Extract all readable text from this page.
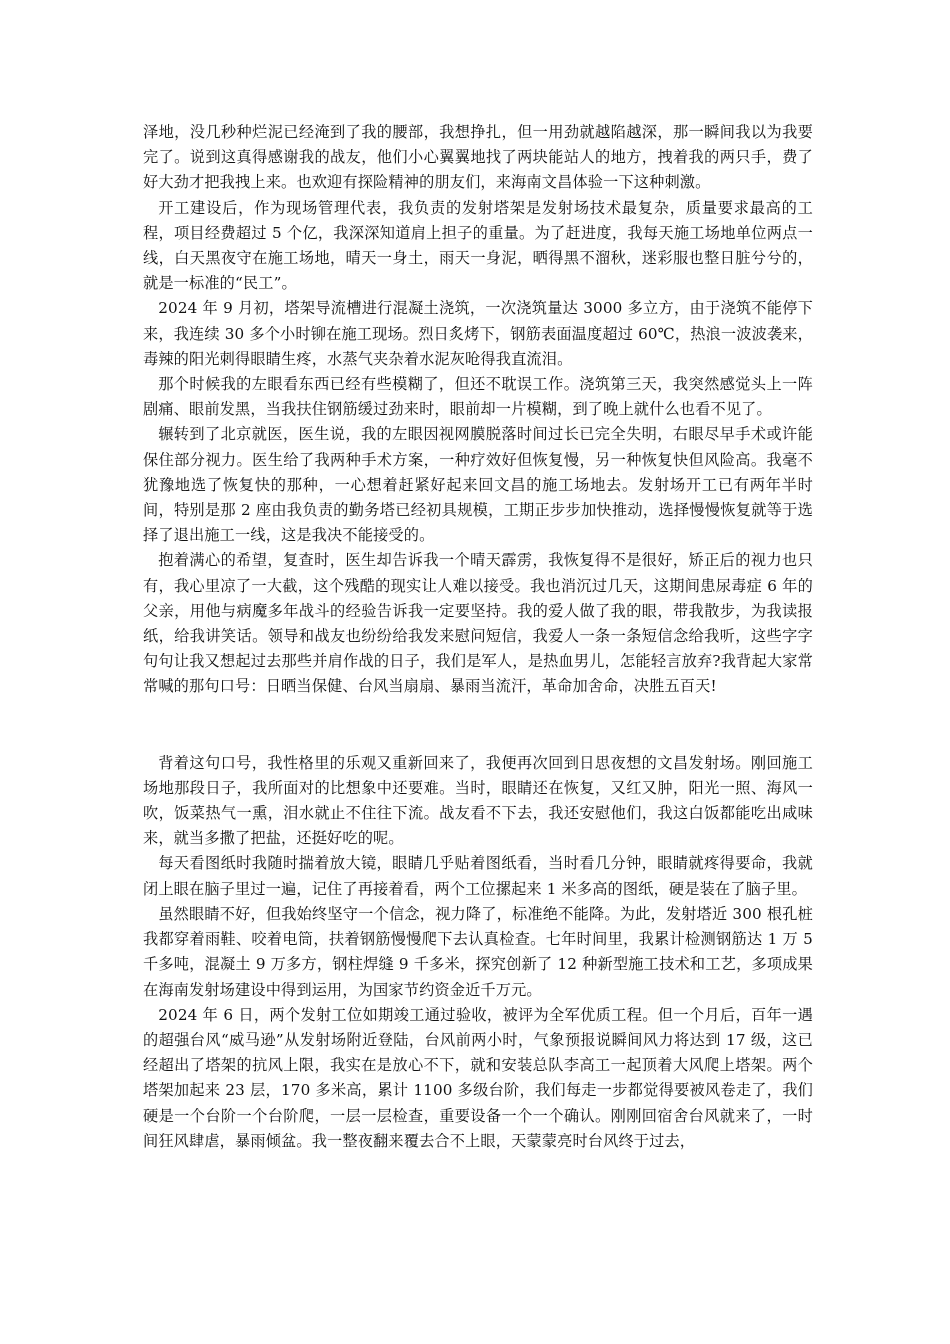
泽地，没几秒种烂泥已经淹到了我的腰部，我想挣扎，但一用劲就越陷越深，那一瞬间我以为我要完了。说到这真得感谢我的战友，他们小心翼翼地找了两块能站人的地方，拽着我的两只手，费了好大劲才把我拽上来。也欢迎有探险精神的朋友们，来海南文昌体验一下这种刺激。

开工建设后，作为现场管理代表，我负责的发射塔架是发射场技术最复杂，质量要求最高的工程，项目经费超过 5 个亿，我深深知道肩上担子的重量。为了赶进度，我每天施工场地单位两点一线，白天黑夜守在施工场地，晴天一身土，雨天一身泥，晒得黑不溜秋，迷彩服也整日脏兮兮的，就是一标准的“民工”。

2024 年 9 月初，塔架导流槽进行混凝土浇筑，一次浇筑量达 3000 多立方，由于浇筑不能停下来，我连续 30 多个小时铆在施工现场。烈日炙烤下，钢筋表面温度超过 60℃，热浪一波波袭来，毒辣的阳光刺得眼睛生疼，水蒸气夹杂着水泥灰呛得我直流泪。

那个时候我的左眼看东西已经有些模糊了，但还不耽误工作。浇筑第三天，我突然感觉头上一阵剧痛、眼前发黑，当我扶住钢筋缓过劲来时，眼前却一片模糊，到了晚上就什么也看不见了。

辗转到了北京就医，医生说，我的左眼因视网膜脱落时间过长已完全失明，右眼尽早手术或许能保住部分视力。医生给了我两种手术方案，一种疗效好但恢复慢，另一种恢复快但风险高。我毫不犹豫地选了恢复快的那种，一心想着赶紧好起来回文昌的施工场地去。发射场开工已有两年半时间，特别是那 2 座由我负责的勤务塔已经初具规模，工期正步步加快推动，选择慢慢恢复就等于选择了退出施工一线，这是我决不能接受的。

抱着满心的希望，复查时，医生却告诉我一个晴天霹雳，我恢复得不是很好，矫正后的视力也只有，我心里凉了一大截，这个残酷的现实让人难以接受。我也消沉过几天，这期间患尿毒症 6 年的父亲，用他与病魔多年战斗的经验告诉我一定要坚持。我的爱人做了我的眼，带我散步，为我读报纸，给我讲笑话。领导和战友也纷纷给我发来慰问短信，我爱人一条一条短信念给我听，这些字字句句让我又想起过去那些并肩作战的日子，我们是军人，是热血男儿，怎能轻言放弃?我背起大家常常喊的那句口号：日晒当保健、台风当扇扇、暴雨当流汗，革命加舍命，决胜五百天!

背着这句口号，我性格里的乐观又重新回来了，我便再次回到日思夜想的文昌发射场。刚回施工场地那段日子，我所面对的比想象中还要难。当时，眼睛还在恢复，又红又肿，阳光一照、海风一吹，饭菜热气一熏，泪水就止不住往下流。战友看不下去，我还安慰他们，我这白饭都能吃出咸味来，就当多撒了把盐，还挺好吃的呢。

每天看图纸时我随时揣着放大镜，眼睛几乎贴着图纸看，当时看几分钟，眼睛就疼得要命，我就闭上眼在脑子里过一遍，记住了再接着看，两个工位摞起来 1 米多高的图纸，硬是装在了脑子里。

虽然眼睛不好，但我始终坚守一个信念，视力降了，标准绝不能降。为此，发射塔近 300 根孔桩我都穿着雨鞋、咬着电筒，扶着钢筋慢慢爬下去认真检查。七年时间里，我累计检测钢筋达 1 万 5 千多吨，混凝土 9 万多方，钢柱焊缝 9 千多米，探究创新了 12 种新型施工技术和工艺，多项成果在海南发射场建设中得到运用，为国家节约资金近千万元。

2024 年 6 日，两个发射工位如期竣工通过验收，被评为全军优质工程。但一个月后，百年一遇的超强台风“威马逊”从发射场附近登陆，台风前两小时，气象预报说瞬间风力将达到 17 级，这已经超出了塔架的抗风上限，我实在是放心不下，就和安装总队李高工一起顶着大风爬上塔架。两个塔架加起来 23 层，170 多米高，累计 1100 多级台阶，我们每走一步都觉得要被风卷走了，我们硬是一个台阶一个台阶爬，一层一层检查，重要设备一个一个确认。刚刚回宿舍台风就来了，一时间狂风肆虐，暴雨倾盆。我一整夜翻来覆去合不上眼，天蒙蒙亮时台风终于过去，
